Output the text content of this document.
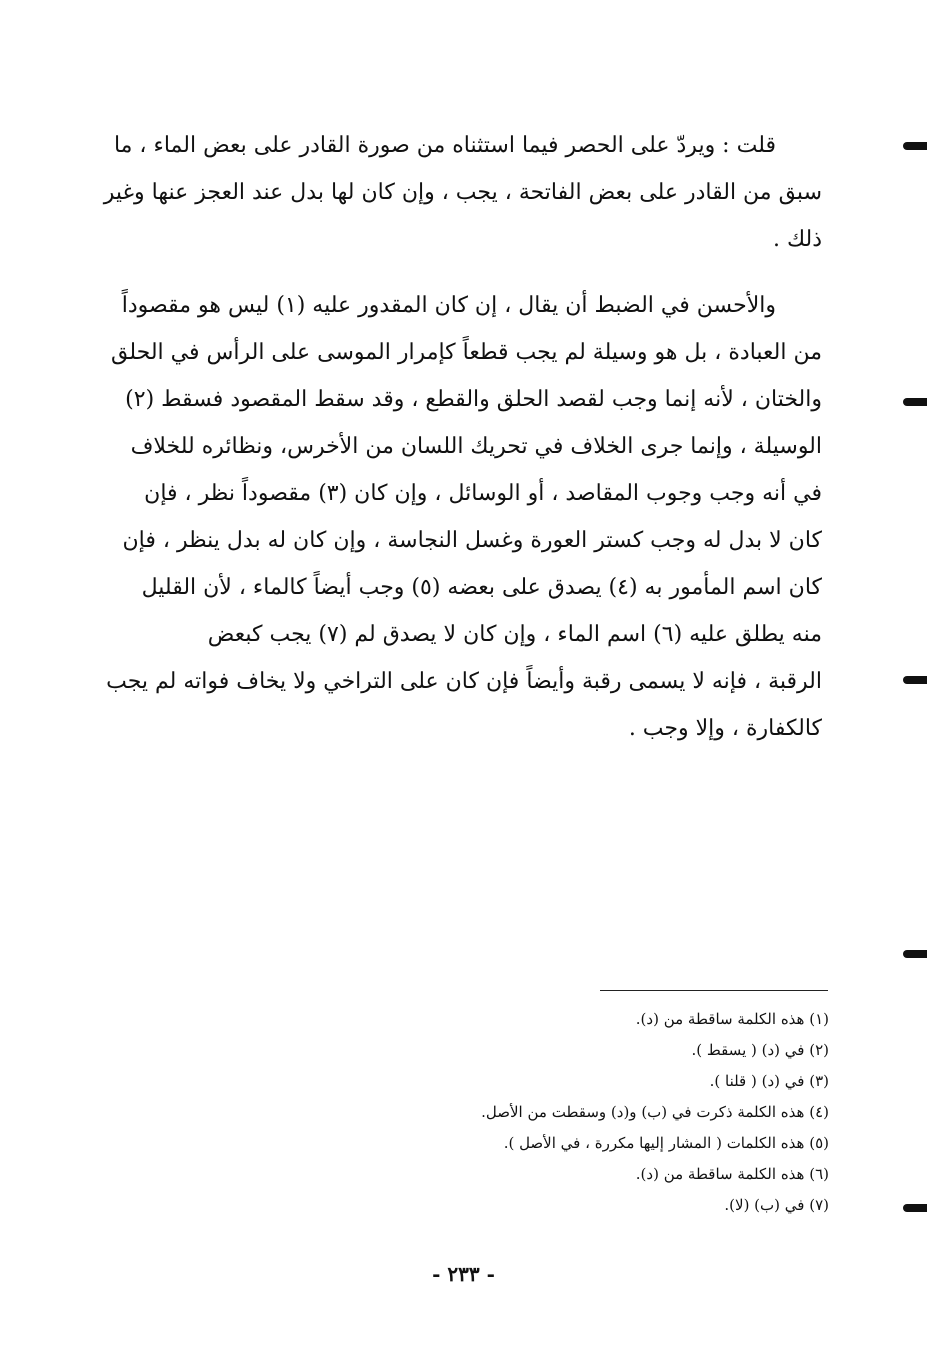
قلت : ويردّ على الحصر فيما استثناه من صورة القادر على بعض الماء ، ما
سبق من القادر على بعض الفاتحة ، يجب ، وإن كان لها بدل عند العجز عنها وغير
ذلك .
والأحسن في الضبط أن يقال ، إن كان المقدور عليه (١) ليس هو مقصوداً
من العبادة ، بل هو وسيلة لم يجب قطعاً كإمرار الموسى على الرأس في الحلق
والختان ، لأنه إنما وجب لقصد الحلق والقطع ، وقد سقط المقصود فسقط (٢)
الوسيلة ، وإنما جرى الخلاف في تحريك اللسان من الأخرس، ونظائره للخلاف
في أنه وجب وجوب المقاصد ، أو الوسائل ، وإن كان (٣) مقصوداً نظر ، فإن
كان لا بدل له وجب كستر العورة وغسل النجاسة ، وإن كان له بدل ينظر ، فإن
كان اسم المأمور به (٤) يصدق على بعضه (٥) وجب أيضاً كالماء ، لأن القليل
منه يطلق عليه (٦) اسم الماء ، وإن كان لا يصدق لم (٧) يجب كبعض
الرقبة ، فإنه لا يسمى رقبة وأيضاً فإن كان على التراخي ولا يخاف فواته لم يجب
كالكفارة ، وإلا وجب .
(١) هذه الكلمة ساقطة من (د).
(٢) في (د) ( يسقط ).
(٣) في (د) ( قلنا ).
(٤) هذه الكلمة ذكرت في (ب) و(د) وسقطت من الأصل.
(٥) هذه الكلمات ( المشار إليها مكررة ، في الأصل ).
(٦) هذه الكلمة ساقطة من (د).
(٧) في (ب) (لا).
- ٢٣٣ -
